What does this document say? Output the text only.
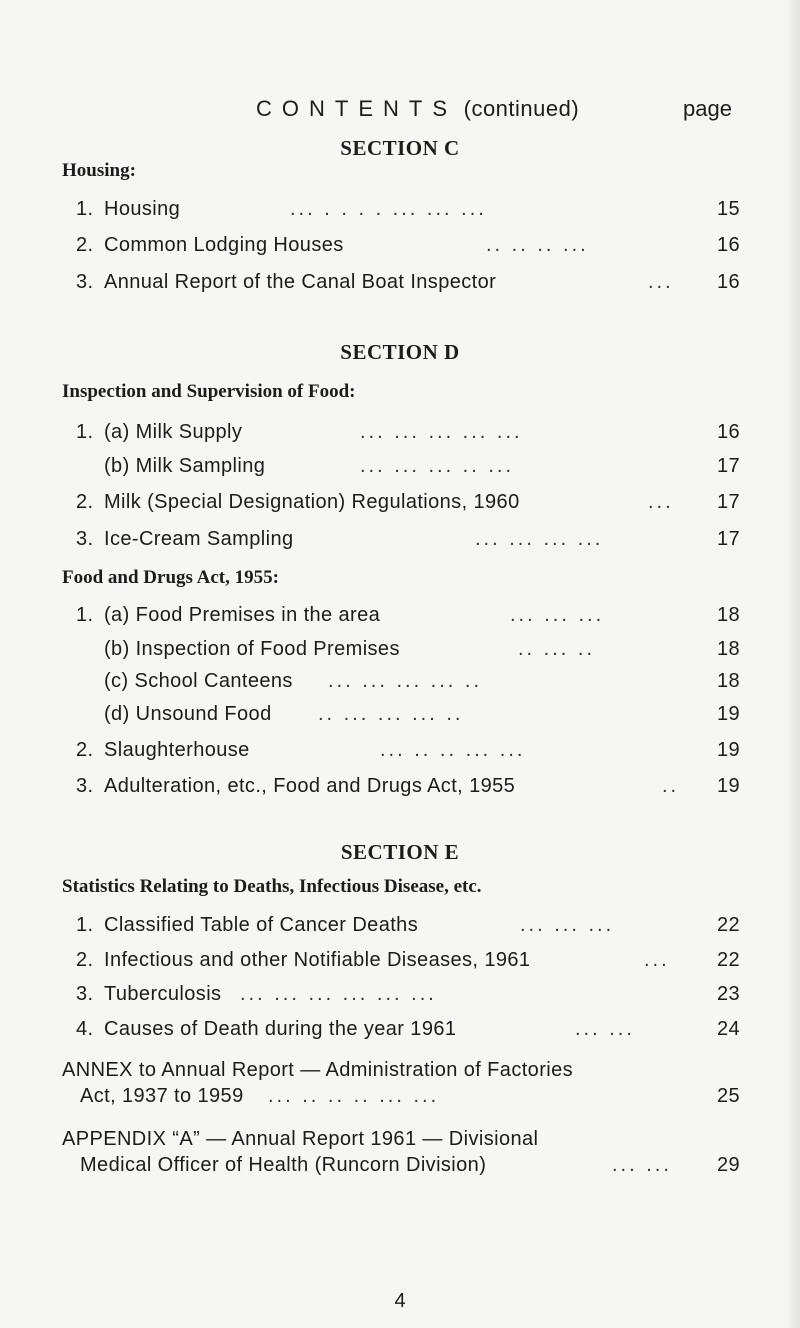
CONTENTS (continued)	page
SECTION C
Housing:
1. Housing	... . . . . ... ... ...	15
2. Common Lodging Houses	.. .. .. ...	16
3. Annual Report of the Canal Boat Inspector	...	16
SECTION D
Inspection and Supervision of Food:
1. (a) Milk Supply	... ... ... ... ...	16
(b) Milk Sampling	... ... ... .. ...	17
2. Milk (Special Designation) Regulations, 1960	...	17
3. Ice-Cream Sampling	... ... ... ...	17
Food and Drugs Act, 1955:
1. (a) Food Premises in the area	... ... ...	18
(b) Inspection of Food Premises	.. ... ..	18
(c) School Canteens ... ... ... ... ..	18
(d) Unsound Food .. ... ... ... ..	19
2. Slaughterhouse	... .. .. ... ...	19
3. Adulteration, etc., Food and Drugs Act, 1955	..	19
SECTION E
Statistics Relating to Deaths, Infectious Disease, etc.
1. Classified Table of Cancer Deaths	... ... ...	22
2. Infectious and other Notifiable Diseases, 1961	...	22
3. Tuberculosis ... ... ... ... ... ...	23
4. Causes of Death during the year 1961	... ...	24
ANNEX to Annual Report — Administration of Factories
Act, 1937 to 1959 ... .. .. .. ... ...	25
APPENDIX “A” — Annual Report 1961 — Divisional
Medical Officer of Health (Runcorn Division)	... ...	29
4
